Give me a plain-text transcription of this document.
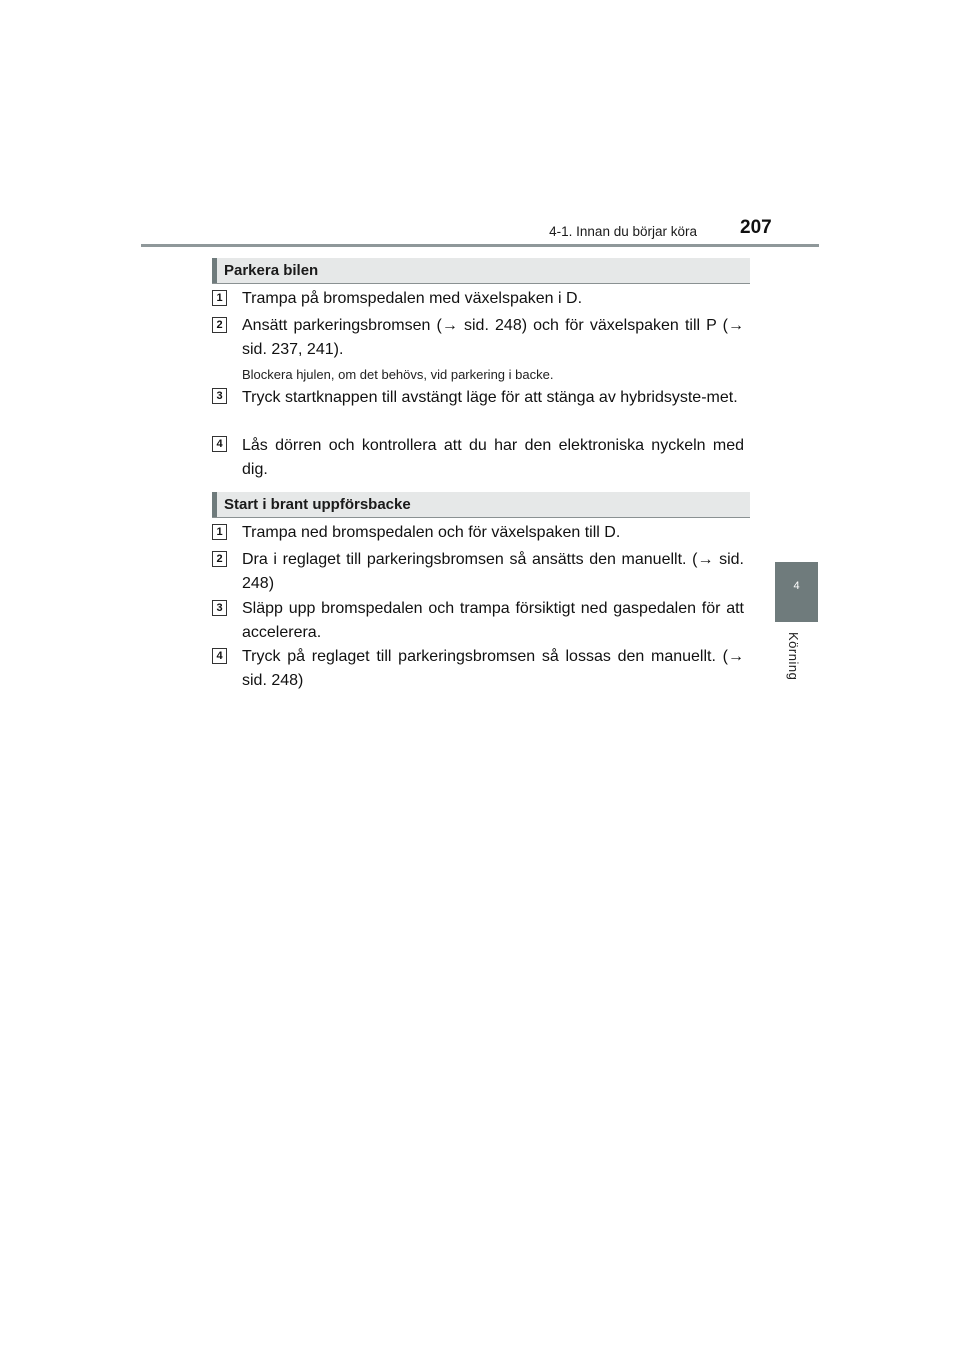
4-1. Innan du börjar köra 207
4
Körning
Parkera bilen
1 Trampa på bromspedalen med växelspaken i D.
2 Ansätt parkeringsbromsen (→ sid. 248) och för växelspaken till P (→ sid. 237, 241).
Blockera hjulen, om det behövs, vid parkering i backe.
3 Tryck startknappen till avstängt läge för att stänga av hybridsyste-met.
4 Lås dörren och kontrollera att du har den elektroniska nyckeln med dig.
Start i brant uppförsbacke
1 Trampa ned bromspedalen och för växelspaken till D.
2 Dra i reglaget till parkeringsbromsen så ansätts den manuellt. (→ sid. 248)
3 Släpp upp bromspedalen och trampa försiktigt ned gaspedalen för att accelerera.
4 Tryck på reglaget till parkeringsbromsen så lossas den manuellt. (→ sid. 248)
